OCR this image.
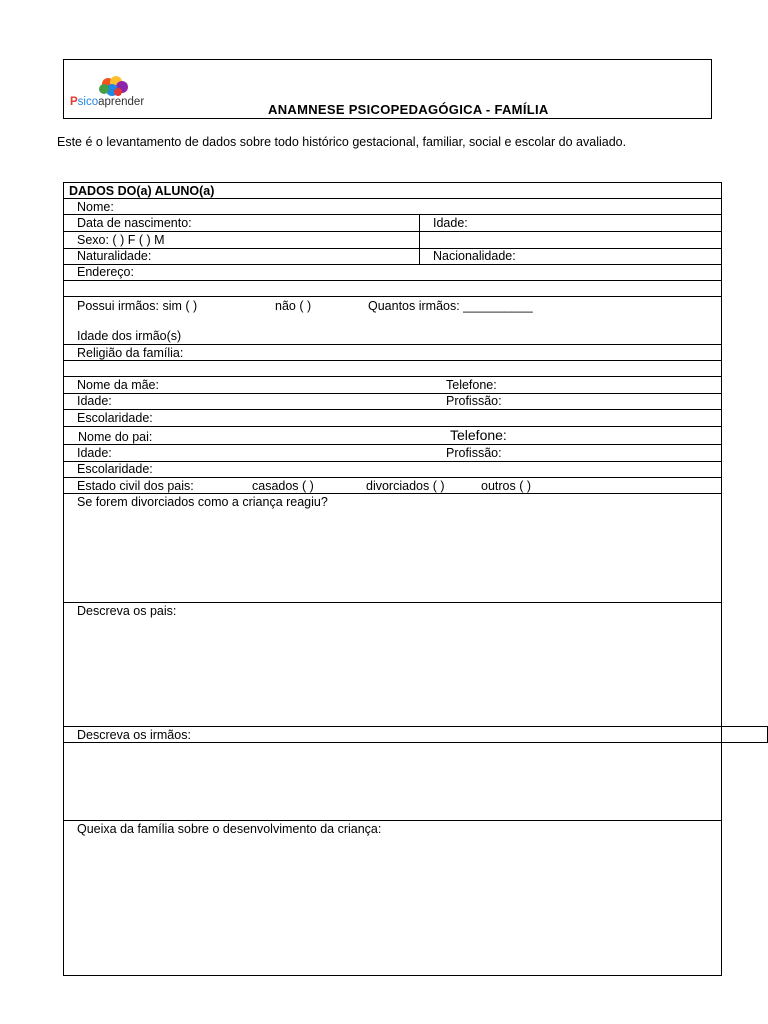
Psicoaprender	ANAMNESE PSICOPEDAGÓGICA - FAMÍLIA
Este é o levantamento de dados sobre todo histórico gestacional, familiar, social e escolar do avaliado.
DADOS DO(a) ALUNO(a)
Nome:
Data de nascimento:	Idade:
Sexo: ( ) F ( ) M
Naturalidade:	Nacionalidade:
Endereço:
Possui irmãos: sim ( )	não ( )	Quantos irmãos: __________
Idade dos irmão(s)
Religião da família:
Nome da mãe:	Telefone:
Idade:	Profissão:
Escolaridade:
Nome do pai:	Telefone:
Idade:	Profissão:
Escolaridade:
Estado civil dos pais:	casados ( )	divorciados ( )	outros ( )
Se forem divorciados como a criança reagiu?
Descreva os pais:
Descreva os irmãos:
Queixa da família sobre o desenvolvimento da criança:
